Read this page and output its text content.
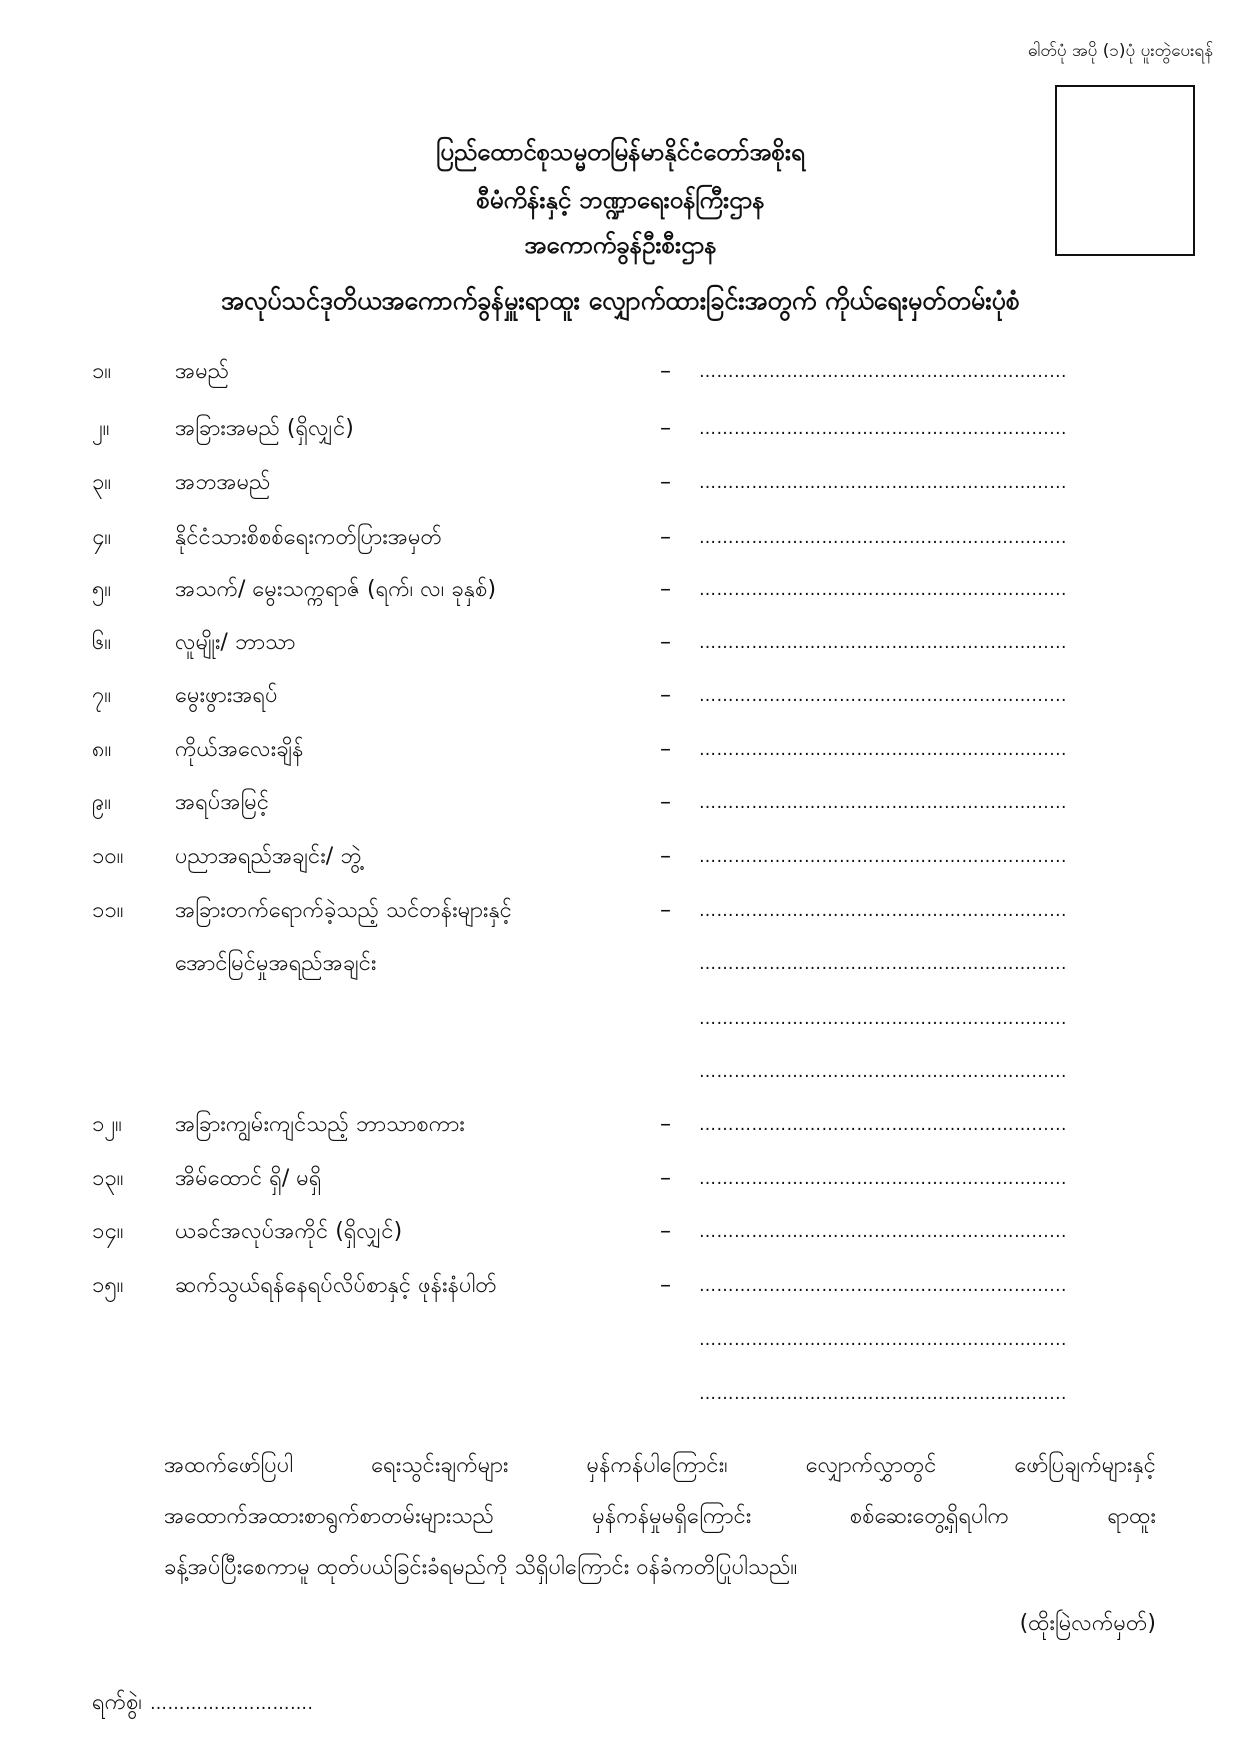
ဓါတ်ပုံ အပို (၁)ပုံ ပူးတွဲပေးရန်
ပြည်ထောင်စုသမ္မတမြန်မာနိုင်ငံတော်အစိုးရ
စီမံကိန်းနှင့် ဘဏ္ဍာရေးဝန်ကြီးဌာန
အကောက်ခွန်ဦးစီးဌာန
အလုပ်သင်ဒုတိယအကောက်ခွန်မှူးရာထူး လျှောက်ထားခြင်းအတွက် ကိုယ်ရေးမှတ်တမ်းပုံစံ
၁။	အမည်	– …………………………………………………......
၂။	အခြားအမည် (ရှိလျှင်)	– …………………………………………………......
၃။	အဘအမည်	– …………………………………………………......
၄။	နိုင်ငံသားစိစစ်ရေးကတ်ပြားအမှတ်	– …………………………………………………......
၅။	အသက်/ မွေးသက္ကရာဇ် (ရက်၊ လ၊ ခုနှစ်)	– …………………………………………………......
၆။	လူမျိုး/ ဘာသာ	– …………………………………………………......
၇။	မွေးဖွားအရပ်	– …………………………………………………......
၈။	ကိုယ်အလေးချိန်	– …………………………………………………......
၉။	အရပ်အမြင့်	– …………………………………………………......
၁၀။ ပညာအရည်အချင်း/ ဘွဲ့	– …………………………………………………......
၁၁။ အခြားတက်ရောက်ခဲ့သည့် သင်တန်းများနှင့်	– …………………………………………………......
အောင်မြင်မှုအရည်အချင်း	…………………………………………………......
…………………………………………………......
…………………………………………………......
၁၂။ အခြားကျွမ်းကျင်သည့် ဘာသာစကား	– …………………………………………………......
၁၃။ အိမ်ထောင် ရှိ/ မရှိ	– …………………………………………………......
၁၄။ ယခင်အလုပ်အကိုင် (ရှိလျှင်)	– …………………………………………………......
၁၅။ ဆက်သွယ်ရန်နေရပ်လိပ်စာနှင့် ဖုန်းနံပါတ်	– …………………………………………………......
…………………………………………………......
…………………………………………………......
အထက်ဖော်ပြပါ ရေးသွင်းချက်များ မှန်ကန်ပါကြောင်း၊ လျှောက်လွှာတွင် ဖော်ပြချက်များနှင့်
အထောက်အထားစာရွက်စာတမ်းများသည် မှန်ကန်မှုမရှိကြောင်း စစ်ဆေးတွေ့ရှိရပါက ရာထူး
ခန့်အပ်ပြီးစေကာမူ ထုတ်ပယ်ခြင်းခံရမည်ကို သိရှိပါကြောင်း ဝန်ခံကတိပြုပါသည်။
(ထိုးမြဲလက်မှတ်)
ရက်စွဲ၊ ……………………….
